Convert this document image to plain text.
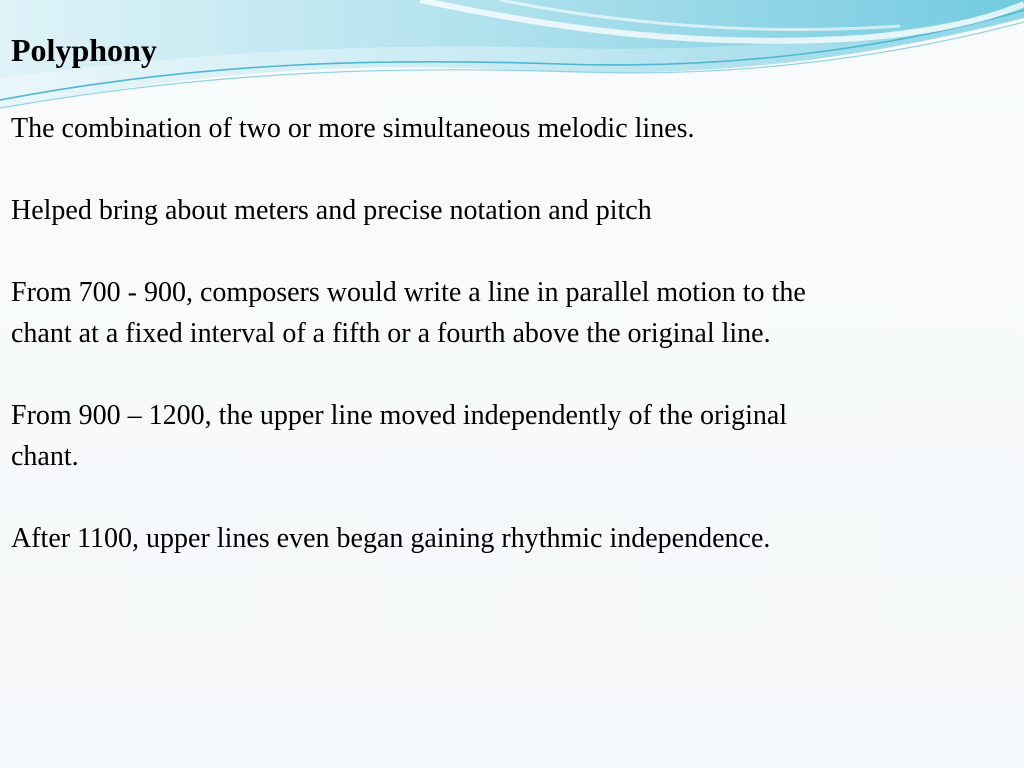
Polyphony
The combination of two or more simultaneous melodic lines.
Helped bring about meters and precise notation and pitch
From 700 - 900, composers would write a line in parallel motion to the chant at a fixed interval of a fifth or a fourth above the original line.
From 900 – 1200, the upper line moved independently of the original chant.
After 1100, upper lines even began gaining rhythmic independence.
